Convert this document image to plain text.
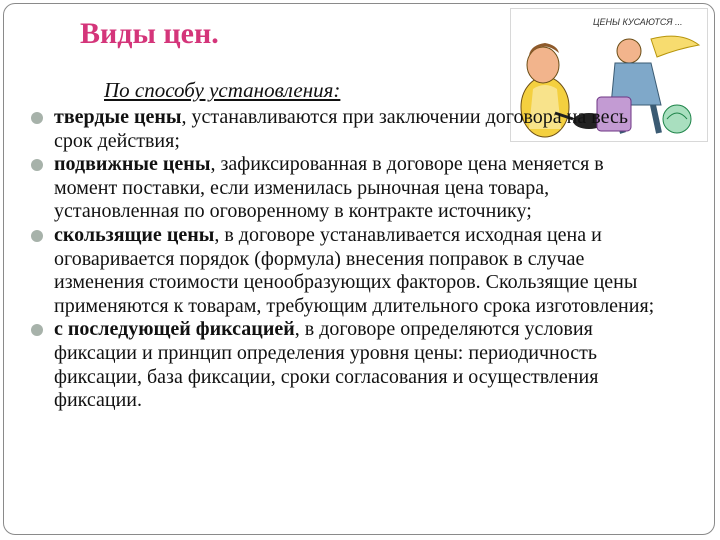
Виды цен.
По способу установления:
ЦЕНЫ КУСАЮТСЯ ...
твердые цены, устанавливаются при заключении договора на весь срок действия;
подвижные цены, зафиксированная в договоре цена меняется в момент поставки, если изменилась рыночная цена товара, установленная по оговоренному в контракте источнику;
скользящие цены, в договоре устанавливается исходная цена и оговаривается порядок (формула) внесения поправок в случае изменения стоимости ценообразующих факторов. Скользящие цены применяются к товарам, требующим длительного срока изготовления;
с последующей фиксацией, в договоре определяются условия фиксации и принцип определения уровня цены: периодичность фиксации, база фиксации, сроки согласования и осуществления фиксации.
